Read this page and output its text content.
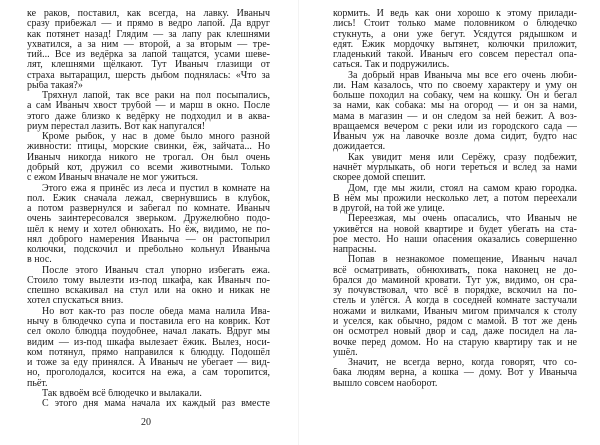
ке раков, поставил, как всегда, на лавку. Иваныч
сразу прибежал — и прямо в ведро лапой. Да вдруг
как потянет назад! Глядим — за лапу рак клешнями
ухватился, а за ним — второй, а за вторым — тре-
тий... Все из ведёрка за лапой тащатся, усами шеве-
лят, клешнями щёлкают. Тут Иваныч глазищи от
страха вытаращил, шерсть дыбом поднялась: «Что за
рыба такая?»
Тряхнул лапой, так все раки на пол посыпались,
а сам Иваныч хвост трубой — и марш в окно. После
этого даже близко к ведёрку не подходил и в аква-
риум перестал лазить. Вот как напугался!
Кроме рыбок, у нас в доме было много разной
живности: птицы, морские свинки, ёж, зайчата... Но
Иваныч никогда никого не трогал. Он был очень
добрый кот, дружил со всеми животными. Только
с ежом Иваныч вначале не мог ужиться.
Этого ежа я принёс из леса и пустил в комнате на
пол. Ежик сначала лежал, свернувшись в клубок,
а потом развернулся и забегал по комнате. Иваныч
очень заинтересовался зверьком. Дружелюбно подо-
шёл к нему и хотел обнюхать. Но ёж, видимо, не по-
нял доброго намерения Иваныча — он растопырил
колючки, подскочил и пребольно кольнул Иваныча
в нос.
После этого Иваныч стал упорно избегать ежа.
Стоило тому вылезти из-под шкафа, как Иваныч по-
спешно вскакивал на стул или на окно и никак не
хотел спускаться вниз.
Но вот как-то раз после обеда мама налила Ива-
нычу в блюдечко супа и поставила его на коврик. Кот
сел около блюдца поудобнее, начал лакать. Вдруг мы
видим — из-под шкафа вылезает ёжик. Вылез, носи-
ком потянул, прямо направился к блюдцу. Подошёл
и тоже за еду принялся. А Иваныч не убегает — вид-
но, проголодался, косится на ежа, а сам торопится,
пьёт.
Так вдвоём всё блюдечко и вылакали.
С этого дня мама начала их каждый раз вместе
кормить. И ведь как они хорошо к этому прилади-
лись! Сто́ит только маме половником о блюдечко
стукнуть, а они уже бегут. Усядутся рядышком и
едят. Ежик мордочку вытянет, колючки приложит,
гладенький такой. Иваныч его совсем перестал опа-
саться. Так и подружились.
За добрый нрав Иваныча мы все его очень люби-
ли. Нам казалось, что по своему характеру и уму он
больше походил на собаку, чем на кошку. Он и бегал
за нами, как собака: мы на огород — и он за нами,
мама в магазин — и он следом за ней бежит. А воз-
вращаемся вечером с реки или из городского сада —
Иваныч уж на лавочке возле дома сидит, будто нас
дожидается.
Как увидит меня или Серёжу, сразу подбежит,
начнёт мурлыкать, об ноги тереться и вслед за нами
скорее домой спешит.
Дом, где мы жили, стоял на самом краю городка.
В нём мы прожили несколько лет, а потом переехали
в другой, на той же улице.
Переезжая, мы очень опасались, что Иваныч не
уживётся на новой квартире и будет убегать на ста-
рое место. Но наши опасения оказались совершенно
напрасны.
Попав в незнакомое помещение, Иваныч начал
всё осматривать, обнюхивать, пока наконец не до-
брался до маминой кровати. Тут уж, видимо, он сра-
зу почувствовал, что всё в порядке, вскочил на по-
стель и улёгся. А когда в соседней комнате застучали
ножами и вилками, Иваныч мигом примчался к столу
и уселся, как обычно, рядом с мамой. В тот же день
он осмотрел новый двор и сад, даже посидел на ла-
вочке перед домом. Но на старую квартиру так и не
ушёл.
Значит, не всегда верно, когда говорят, что со-
бака людям верна, а кошка — дому. Вот у Иваныча
вышло совсем наоборот.
20
